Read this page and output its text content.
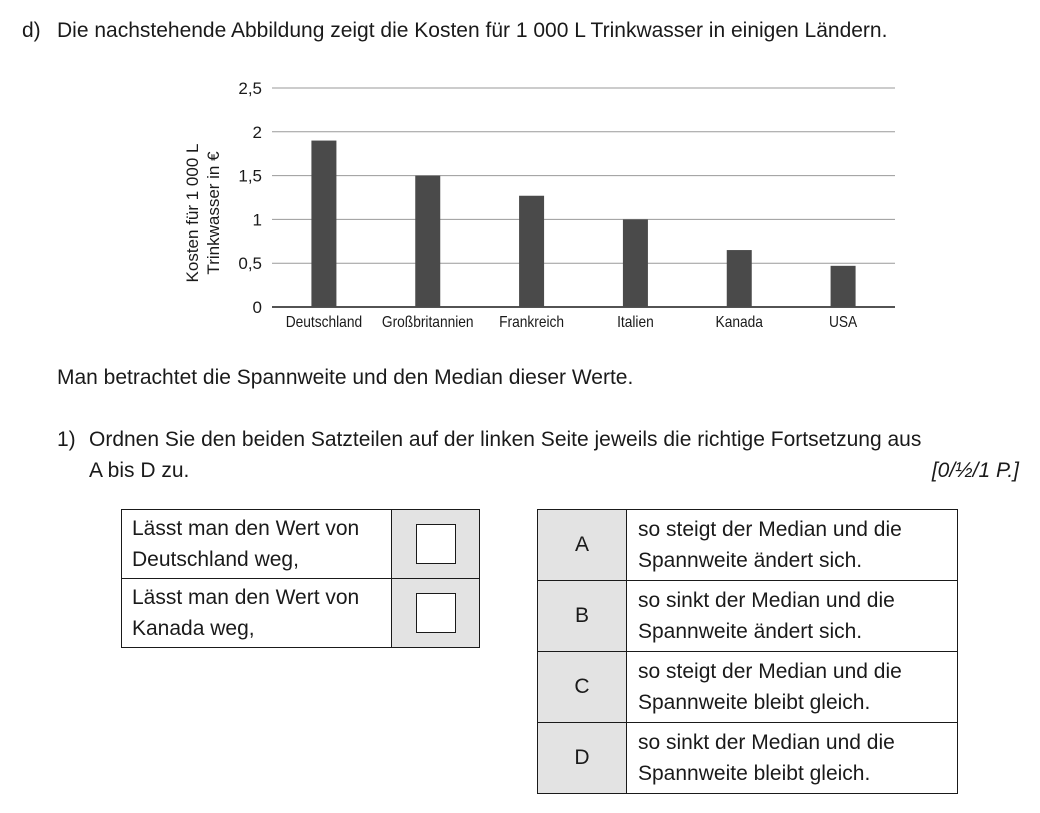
d) Die nachstehende Abbildung zeigt die Kosten für 1 000 L Trinkwasser in einigen Ländern.
0
0,5
1
1,5
2
2,5
Deutschland Großbritannien Frankreich	Italien	Kanada	USA
Kosten für 1 000 L Trinkwasser in €
Man betrachtet die Spannweite und den Median dieser Werte.
1) Ordnen Sie den beiden Satzteilen auf der linken Seite jeweils die richtige Fortsetzung aus
A bis D zu.	[0/½/1 P.]
Lässt man den Wert von
Deutschland weg,	
Lässt man den Wert von
Kanada weg,	
A	so steigt der Median und die
Spannweite ändert sich.
B	so sinkt der Median und die
Spannweite ändert sich.
C	so steigt der Median und die
Spannweite bleibt gleich.
D	so sinkt der Median und die
Spannweite bleibt gleich.
